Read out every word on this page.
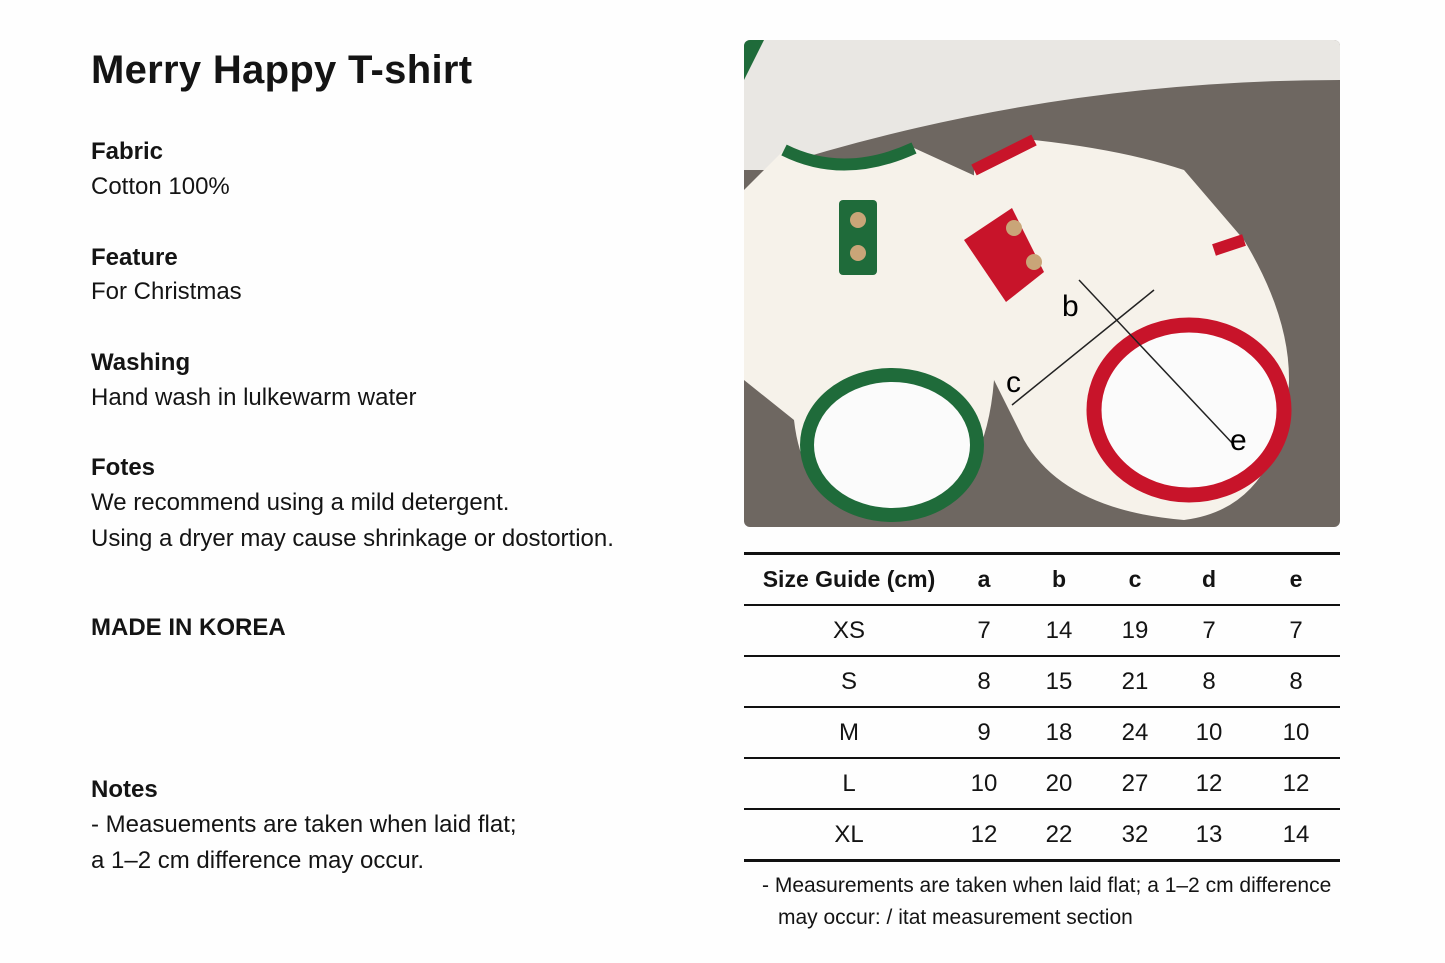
Merry Happy T-shirt
Fabric
Cotton 100%
Feature
For Christmas
Washing
Hand wash in lulkewarm water
Fotes
We recommend using a mild detergent.
Using a dryer may cause shrinkage or dostortion.
MADE IN KOREA
Notes
- Measuements are taken when laid flat;
a 1–2 cm difference may occur.
b
c
e
Size Guide (cm)	a	b	c	d	e
XS	7	14	19	7	7
S	8	15	21	8	8
M	9	18	24	10	10
L	10	20	27	12	12
XL	12	22	32	13	14
- Measurements are taken when laid flat; a 1–2 cm difference
may occur: / itat measurement section
